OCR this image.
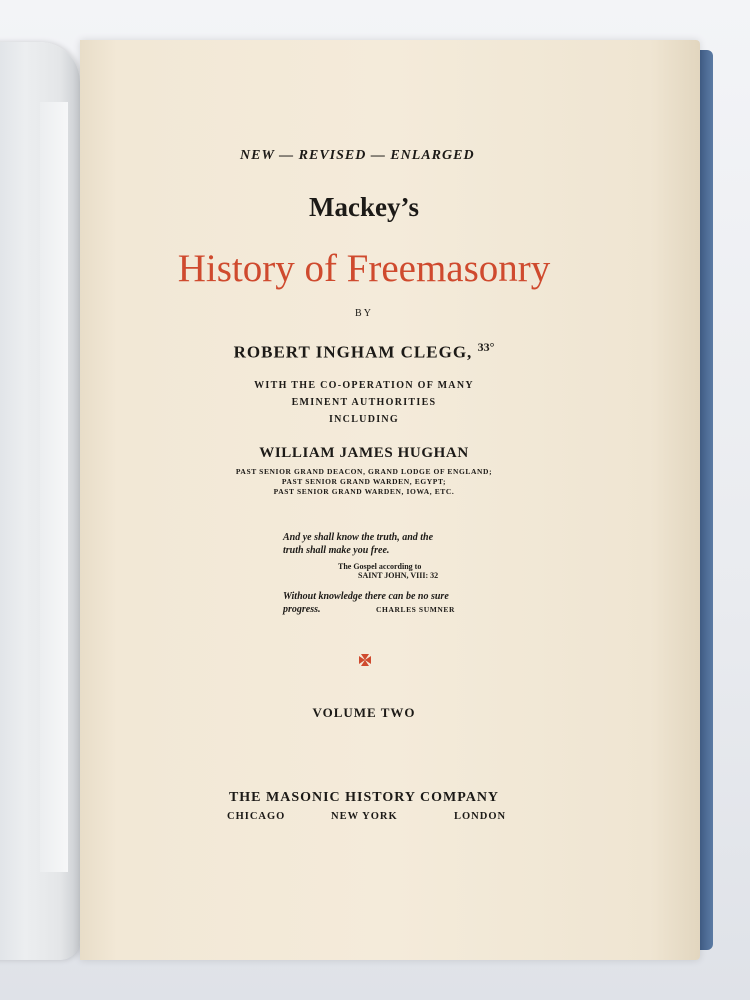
NEW — REVISED — ENLARGED
Mackey’s
History of Freemasonry
BY
ROBERT INGHAM CLEGG, $^{33^\circ}$
WITH THE CO-OPERATION OF MANY
EMINENT AUTHORITIES
INCLUDING
WILLIAM JAMES HUGHAN
PAST SENIOR GRAND DEACON, GRAND LODGE OF ENGLAND;
PAST SENIOR GRAND WARDEN, EGYPT;
PAST SENIOR GRAND WARDEN, IOWA, ETC.
And ye shall know the truth, and the
truth shall make you free.
The Gospel according to
SAINT JOHN, VIII: 32
Without knowledge there can be no sure
progress.	CHARLES SUMNER
VOLUME TWO
THE MASONIC HISTORY COMPANY
CHICAGO	NEW YORK	LONDON
